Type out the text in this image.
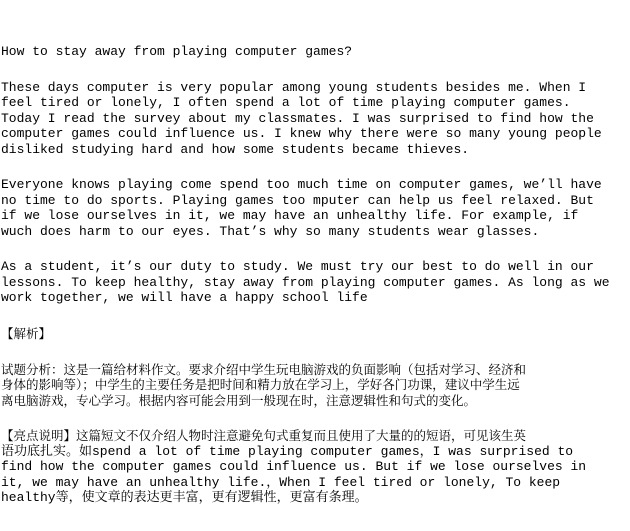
How to stay away from playing computer games?
These days computer is very popular among young students besides me. When I
feel tired or lonely, I often spend a lot of time playing computer games.
Today I read the survey about my classmates. I was surprised to find how the
computer games could influence us. I knew why there were so many young people
disliked studying hard and how some students became thieves.
Everyone knows playing come spend too much time on computer games, we’ll have
no time to do sports. Playing games too mputer can help us feel relaxed. But
if we lose ourselves in it, we may have an unhealthy life. For example, if
wuch does harm to our eyes. That’s why so many students wear glasses.
As a student, it’s our duty to study. We must try our best to do well in our
lessons. To keep healthy, stay away from playing computer games. As long as we
work together, we will have a happy school life
【解析】
试题分析：这是一篇给材料作文。要求介绍中学生玩电脑游戏的负面影响（包括对学习、经济和
身体的影响等）；中学生的主要任务是把时间和精力放在学习上，学好各门功课，建议中学生远
离电脑游戏，专心学习。根据内容可能会用到一般现在时，注意逻辑性和句式的变化。
【亮点说明】这篇短文不仅介绍人物时注意避免句式重复而且使用了大量的的短语，可见该生英
语功底扎实。如spend a lot of time playing computer games，I was surprised to
find how the computer games could influence us. But if we lose ourselves in
it, we may have an unhealthy life.，When I feel tired or lonely, To keep
healthy等，使文章的表达更丰富，更有逻辑性，更富有条理。
